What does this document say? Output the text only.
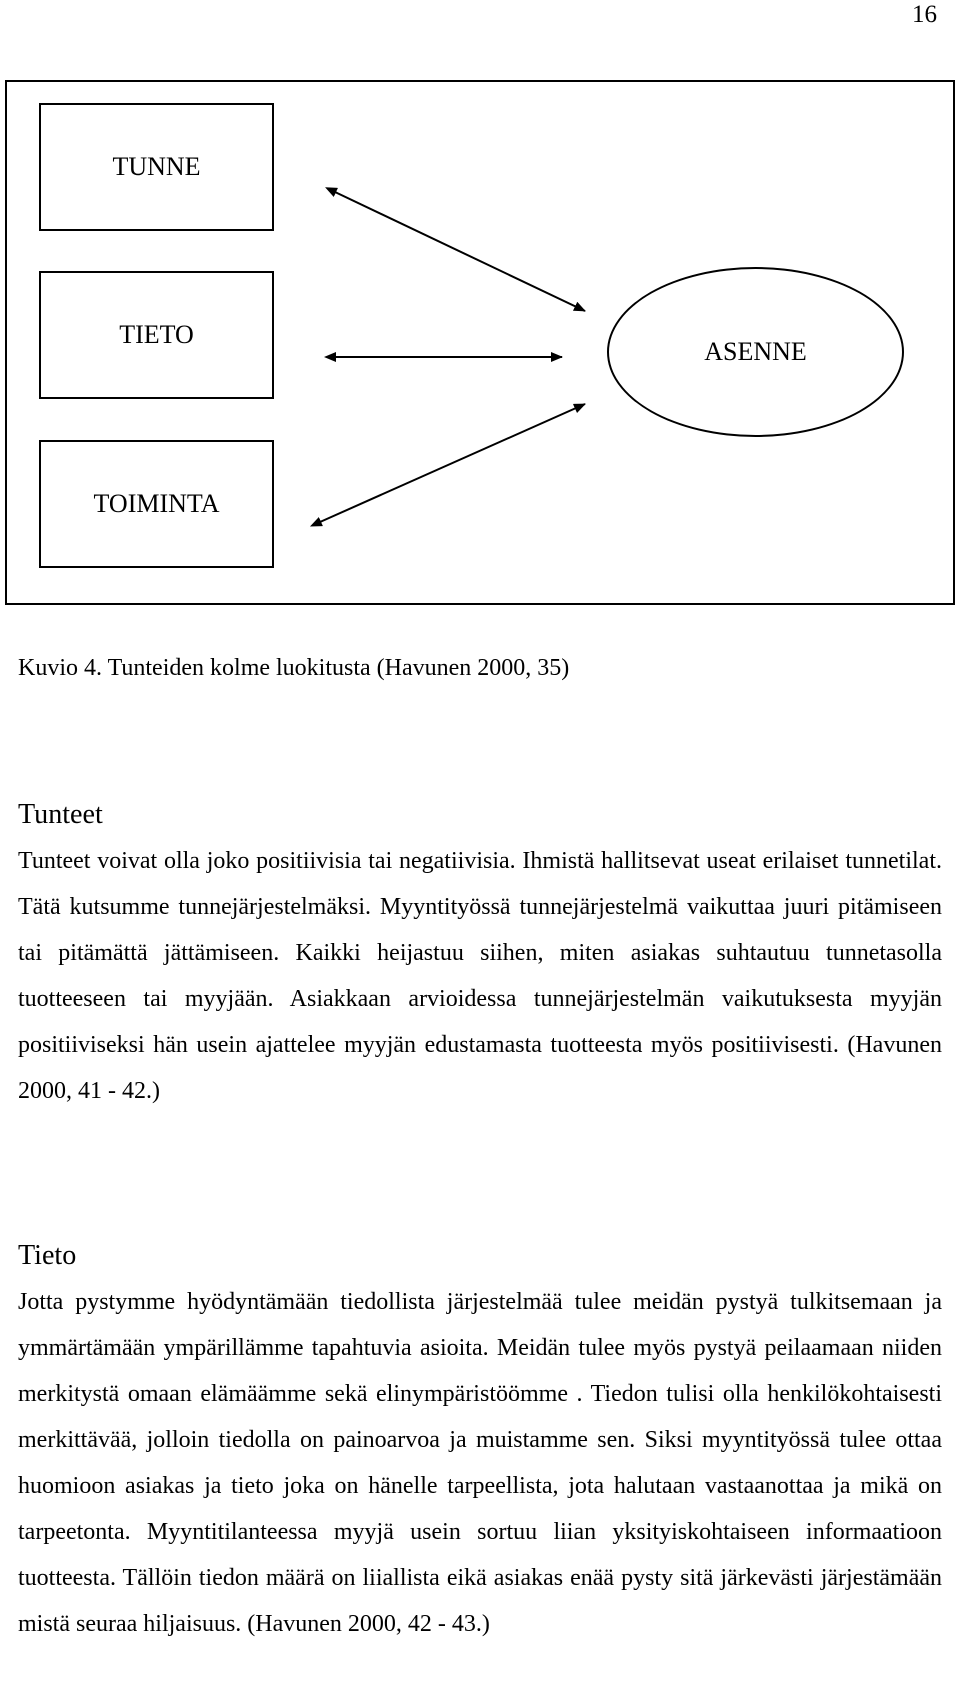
16
TUNNE
TIETO
TOIMINTA
ASENNE
Kuvio 4. Tunteiden kolme luokitusta (Havunen 2000, 35)
Tunteet

Tunteet voivat olla joko positiivisia tai negatiivisia. Ihmistä hallitsevat useat erilaiset tunnetilat. Tätä kutsumme tunnejärjestelmäksi. Myyntityössä tunnejärjestelmä vaikuttaa juuri pitämiseen tai pitämättä jättämiseen. Kaikki heijastuu siihen, miten asiakas suhtautuu tunnetasolla tuotteeseen tai myyjään. Asiakkaan arvioidessa tunnejärjestelmän vaikutuksesta myyjän positiiviseksi hän usein ajattelee myyjän edustamasta tuotteesta myös positiivisesti. (Havunen 2000, 41 - 42.)

Tieto

Jotta pystymme hyödyntämään tiedollista järjestelmää tulee meidän pystyä tulkitsemaan ja ymmärtämään ympärillämme tapahtuvia asioita. Meidän tulee myös pystyä peilaamaan niiden merkitystä omaan elämäämme sekä elinympäristöömme . Tiedon tulisi olla henkilökohtaisesti merkittävää, jolloin tiedolla on painoarvoa ja muistamme sen. Siksi myyntityössä tulee ottaa huomioon asiakas ja tieto joka on hänelle tarpeellista, jota halutaan vastaanottaa ja mikä on tarpeetonta. Myyntitilanteessa myyjä usein sortuu liian yksityiskohtaiseen informaatioon tuotteesta. Tällöin tiedon määrä on liiallista eikä asiakas enää pysty sitä järkevästi järjestämään mistä seuraa hiljaisuus. (Havunen 2000, 42 - 43.)
